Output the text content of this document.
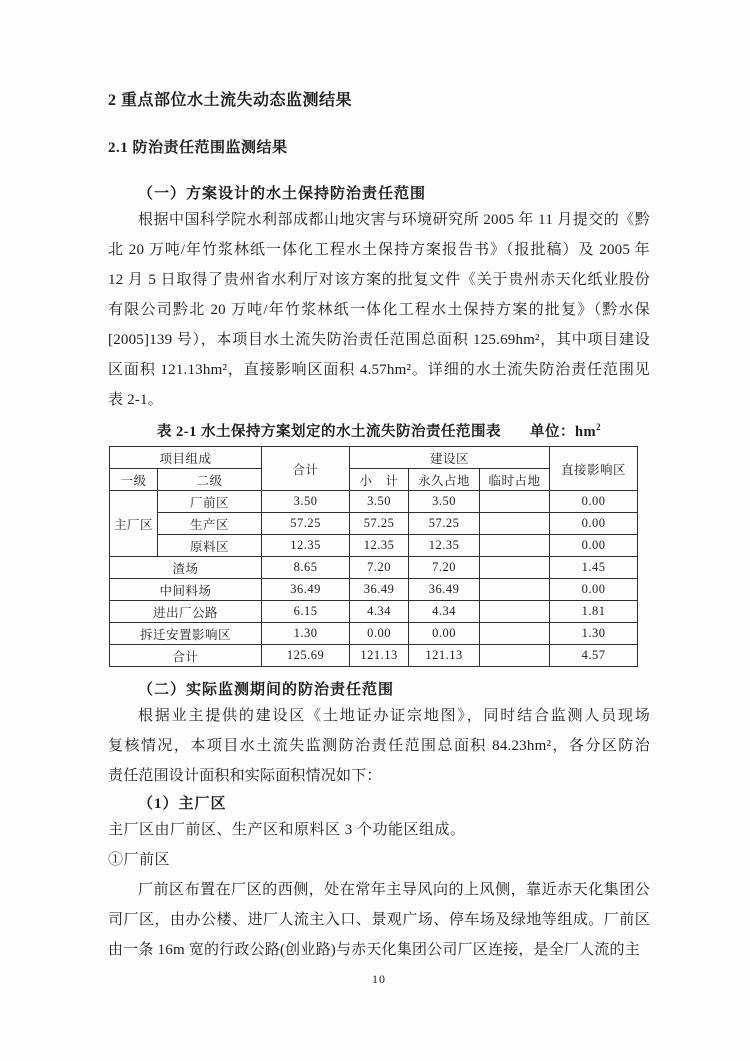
2 重点部位水土流失动态监测结果
2.1 防治责任范围监测结果
（一）方案设计的水土保持防治责任范围
根据中国科学院水利部成都山地灾害与环境研究所 2005 年 11 月提交的《黔
北 20 万吨/年竹浆林纸一体化工程水土保持方案报告书》（报批稿）及 2005 年
12 月 5 日取得了贵州省水利厅对该方案的批复文件《关于贵州赤天化纸业股份
有限公司黔北 20 万吨/年竹浆林纸一体化工程水土保持方案的批复》（黔水保
[2005]139 号），本项目水土流失防治责任范围总面积 125.69hm²，其中项目建设
区面积 121.13hm²，直接影响区面积 4.57hm²。详细的水土流失防治责任范围见
表 2-1。
表 2-1 水土保持方案划定的水土流失防治责任范围表 单位：$hm^2$
项目组成		合计	建设区			直接影响区
一级	二级		小　计	永久占地	临时占地	
主厂区	厂前区	3.50	3.50	3.50		0.00
	生产区	57.25	57.25	57.25		0.00
	原料区	12.35	12.35	12.35		0.00
渣场		8.65	7.20	7.20		1.45
中间料场		36.49	36.49	36.49		0.00
进出厂公路		6.15	4.34	4.34		1.81
拆迁安置影响区		1.30	0.00	0.00		1.30
合计		125.69	121.13	121.13		4.57
（二）实际监测期间的防治责任范围
根据业主提供的建设区《土地证办证宗地图》，同时结合监测人员现场
复核情况，本项目水土流失监测防治责任范围总面积 84.23hm²，各分区防治
责任范围设计面积和实际面积情况如下：
（1）主厂区
主厂区由厂前区、生产区和原料区 3 个功能区组成。
①厂前区
厂前区布置在厂区的西侧，处在常年主导风向的上风侧，靠近赤天化集团公
司厂区，由办公楼、进厂人流主入口、景观广场、停车场及绿地等组成。厂前区
由一条 16m 宽的行政公路(创业路)与赤天化集团公司厂区连接，是全厂人流的主
10
